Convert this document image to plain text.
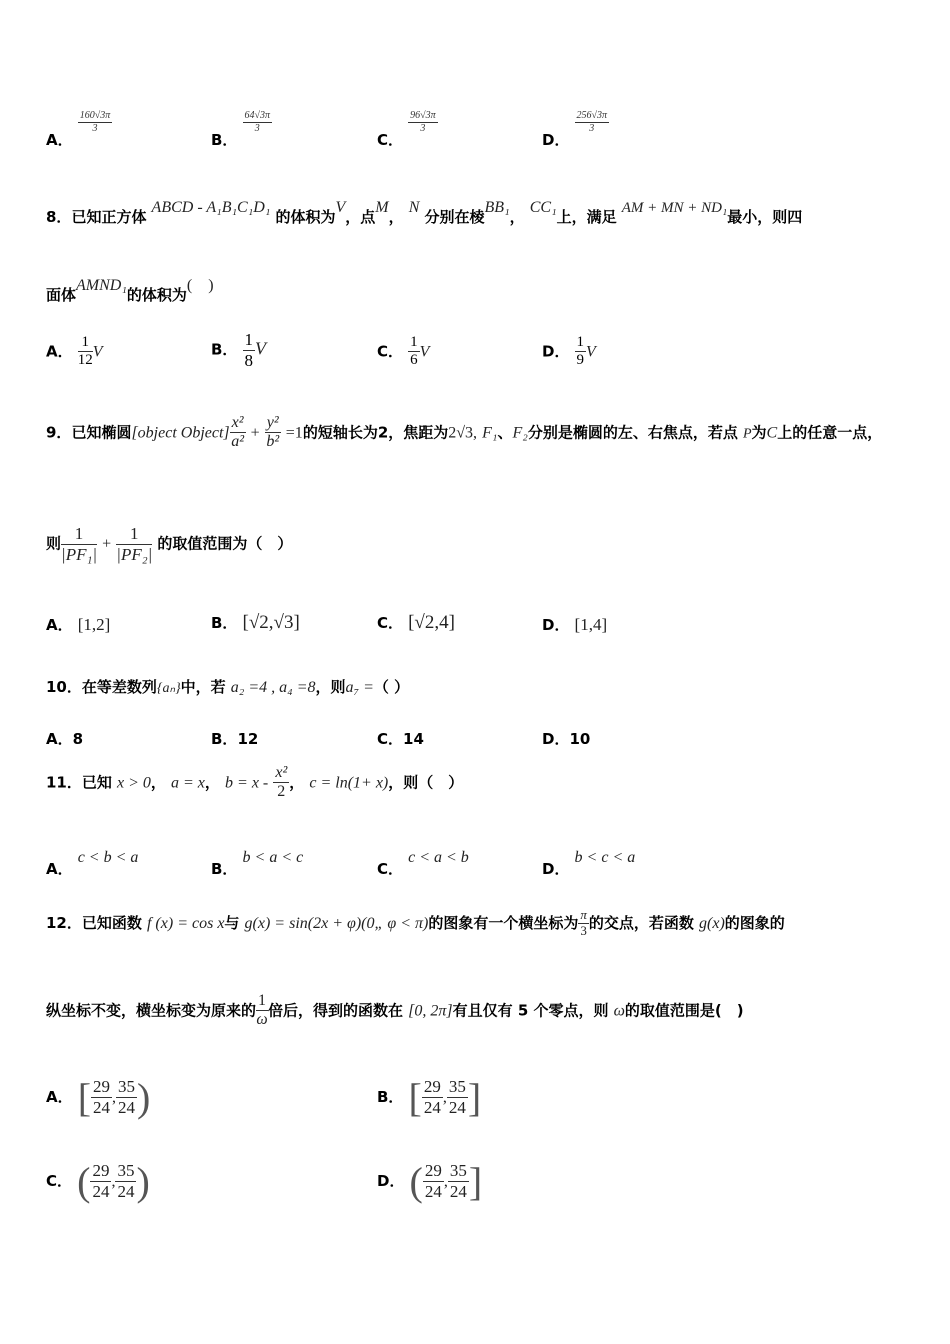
A．
$\frac{160√3\pi}{3}$
B．
$\frac{64√3\pi}{3}$
C．
$\frac{96√3\pi}{3}$
D．
$\frac{256√3\pi}{3}$
8．已知正方体 ABCD - A₁B₁C₁D₁ 的体积为V，点M， N 分别在棱BB₁， CC₁上，满足 AM + MN + ND₁最小，则四
面体AMND₁的体积为(　)
A． $\frac{1}{12}$ V	B． $\frac{1}{8}$ V	C． $\frac{1}{6}$ V	D． $\frac{1}{9}$ V
9．已知椭圆[object Object] $\frac{\text{x²}}{\text{a²}} + \frac{\text{y²}}{\text{b²}} =1$的短轴长为2，焦距为2√3, F₁、F₂分别是椭圆的左、右焦点，若点 P为C上的任意一点，
则 $\frac{1}{\text{|PF₁|}} + \frac{1}{\text{|PF₂|}}$ 的取值范围为（　）
A． [1,2]	B． [√2,√3]	C． [√2,4]	D． [1,4]
10．在等差数列{aₙ}中，若 a₂ =4 , a₄ =8，则a₇ =（ ）
A．8	B．12	C．14	D．10
11．已知 x > 0， a = x， $b = x - \frac{\text{x²}}{2}$ ， c = ln(1+ x)，则（　）
A． c < b < a
B． b < a < c
C． c < a < b
D． b < c < a
12．已知函数 f (x) = cos x与 g(x) = sin(2x + φ)(0„ φ < π)的图象有一个横坐标为 $\frac{\pi}{3}$ 的交点，若函数 g(x)的图象的
纵坐标不变，横坐标变为原来的 $\frac{1}{\omega}$ 倍后，得到的函数在 [0, 2π]有且仅有 5 个零点，则 ω的取值范围是(　)
A． [ $\frac{29}{24}$ , $\frac{35}{24}$ )	B． [ $\frac{29}{24}$ , $\frac{35}{24}$ ]
C． ( $\frac{29}{24}$ , $\frac{35}{24}$ )	D． ( $\frac{29}{24}$ , $\frac{35}{24}$ ]
